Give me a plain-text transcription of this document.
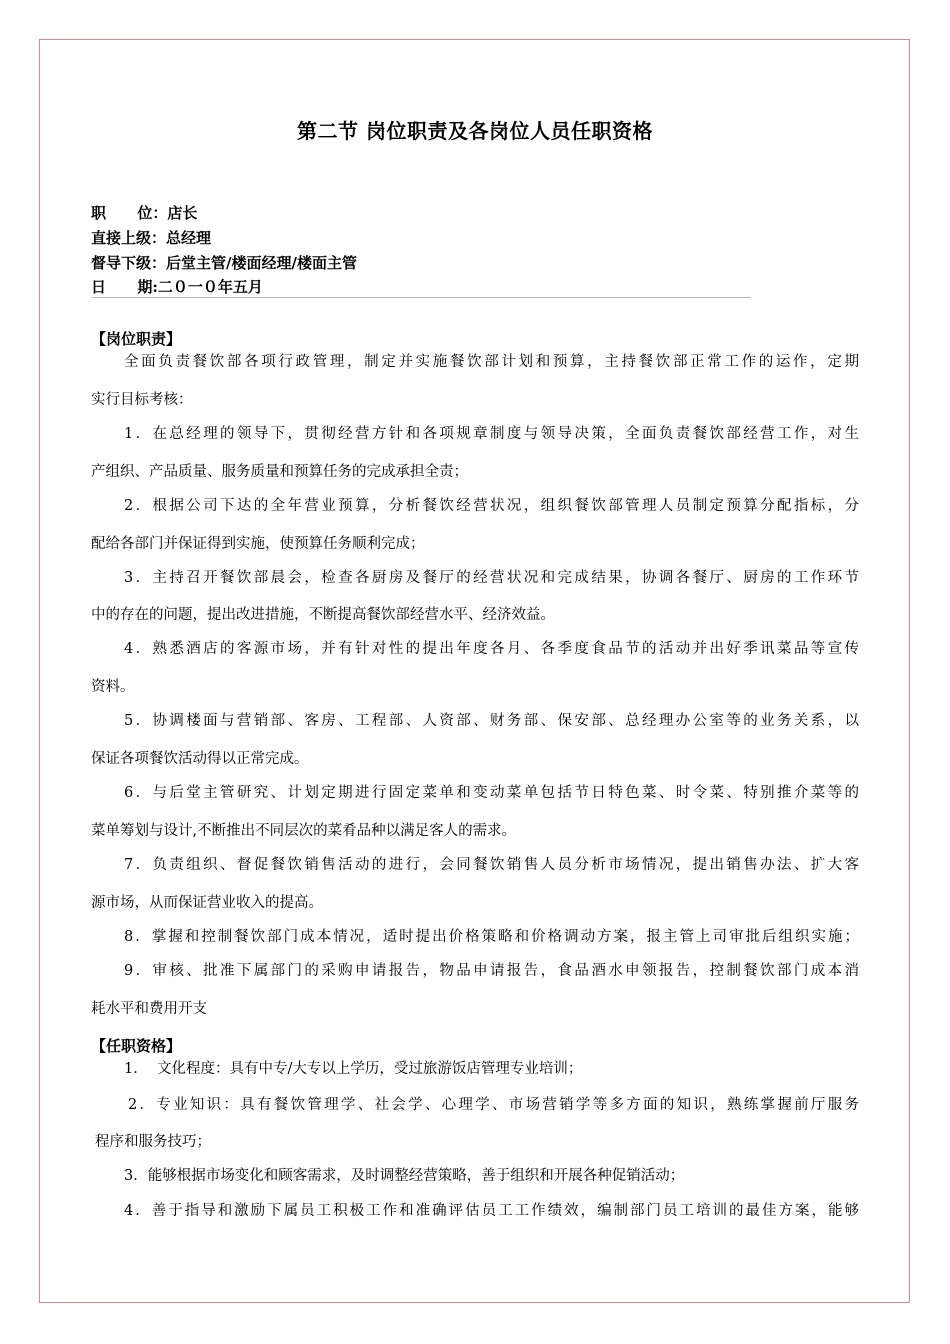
第二节 岗位职责及各岗位人员任职资格
职      位：店长
直接上级：总经理
督导下级：后堂主管/楼面经理/楼面主管
日      期:二０一０年五月
【岗位职责】
全面负责餐饮部各项行政管理，制定并实施餐饮部计划和预算，主持餐饮部正常工作的运作，定期
实行目标考核：
1．在总经理的领导下，贯彻经营方针和各项规章制度与领导决策，全面负责餐饮部经营工作，对生
产组织、产品质量、服务质量和预算任务的完成承担全责；
2．根据公司下达的全年营业预算，分析餐饮经营状况，组织餐饮部管理人员制定预算分配指标，分
配给各部门并保证得到实施，使预算任务顺利完成；
3．主持召开餐饮部晨会，检查各厨房及餐厅的经营状况和完成结果，协调各餐厅、厨房的工作环节
中的存在的问题，提出改进措施，不断提高餐饮部经营水平、经济效益。
4．熟悉酒店的客源市场，并有针对性的提出年度各月、各季度食品节的活动并出好季讯菜品等宣传
资料。
5．协调楼面与营销部、客房、工程部、人资部、财务部、保安部、总经理办公室等的业务关系，以
保证各项餐饮活动得以正常完成。
6．与后堂主管研究、计划定期进行固定菜单和变动菜单包括节日特色菜、时令菜、特别推介菜等的
菜单筹划与设计,不断推出不同层次的菜肴品种以满足客人的需求。
7．负责组织、督促餐饮销售活动的进行，会同餐饮销售人员分析市场情况，提出销售办法、扩大客
源市场，从而保证营业收入的提高。
8．掌握和控制餐饮部门成本情况，适时提出价格策略和价格调动方案，报主管上司审批后组织实施；
9．审核、批准下属部门的采购申请报告，物品申请报告，食品酒水申领报告，控制餐饮部门成本消
耗水平和费用开支
【任职资格】
1．  文化程度：具有中专/大专以上学历，受过旅游饭店管理专业培训；
2．专业知识：具有餐饮管理学、社会学、心理学、市场营销学等多方面的知识，熟练掌握前厅服务
程序和服务技巧；
3．能够根据市场变化和顾客需求，及时调整经营策略，善于组织和开展各种促销活动；
4．善于指导和激励下属员工积极工作和准确评估员工工作绩效，编制部门员工培训的最佳方案，能够
